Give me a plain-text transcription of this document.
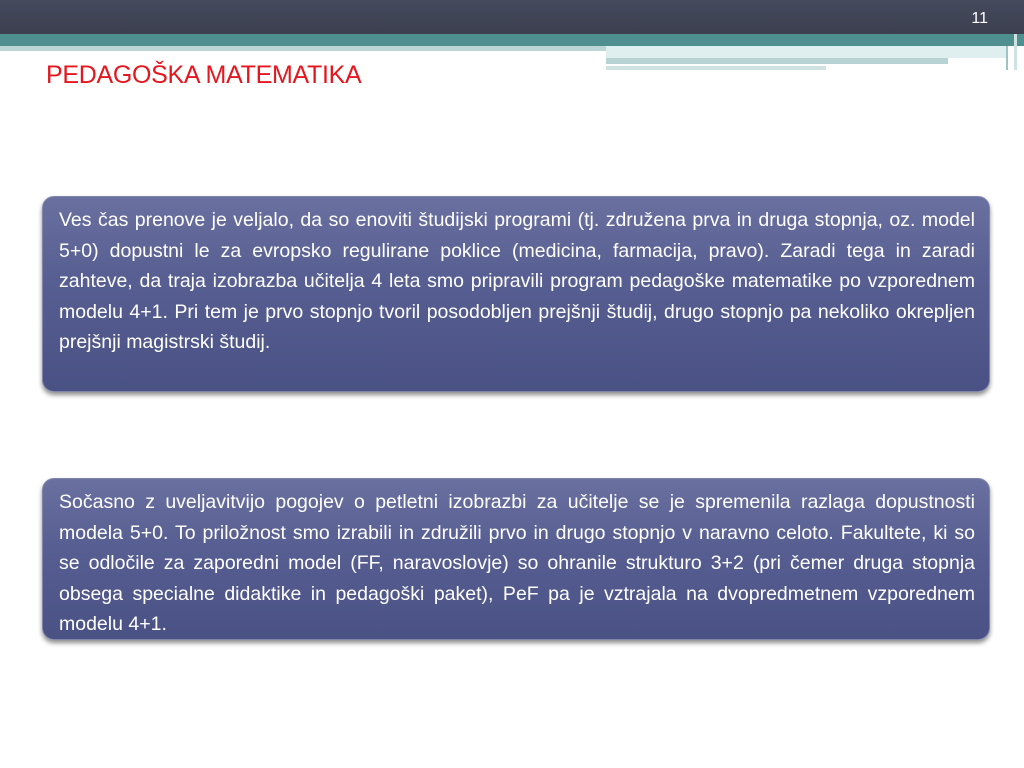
11
PEDAGOŠKA MATEMATIKA
Ves čas prenove je veljalo, da so enoviti študijski programi (tj. združena prva in druga stopnja, oz. model 5+0) dopustni le za evropsko regulirane poklice (medicina, farmacija, pravo). Zaradi tega in zaradi zahteve, da traja izobrazba učitelja 4 leta smo pripravili program pedagoške matematike po vzporednem modelu 4+1. Pri tem je prvo stopnjo tvoril posodobljen prejšnji študij, drugo stopnjo pa nekoliko okrepljen prejšnji magistrski študij.
Sočasno z uveljavitvijo pogojev o petletni izobrazbi za učitelje se je spremenila razlaga dopustnosti modela 5+0. To priložnost smo izrabili in združili prvo in drugo stopnjo v naravno celoto. Fakultete, ki so se odločile za zaporedni model (FF, naravoslovje) so ohranile strukturo 3+2 (pri čemer druga stopnja obsega specialne didaktike in pedagoški paket), PeF pa je vztrajala na dvopredmetnem vzporednem modelu 4+1.
